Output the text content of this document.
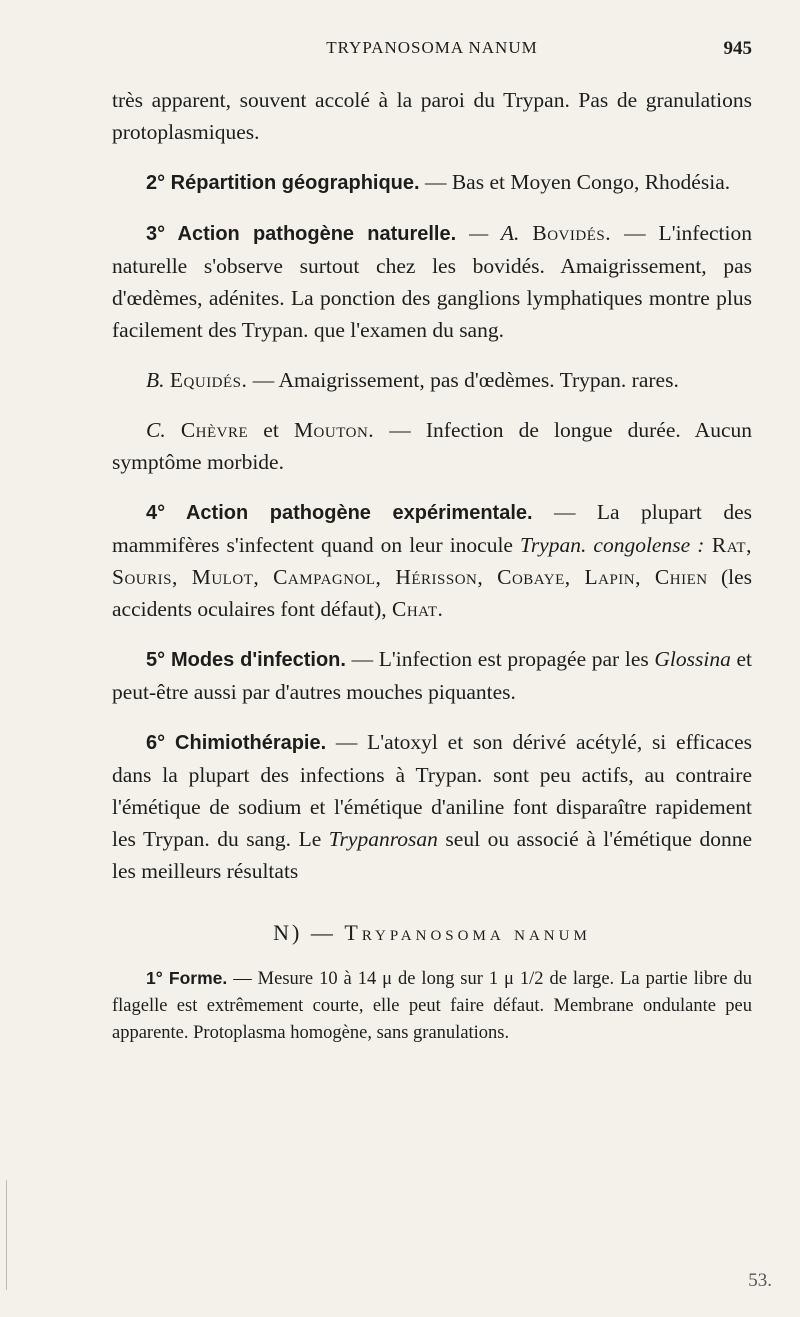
TRYPANOSOMA NANUM	945

très apparent, souvent accolé à la paroi du Trypan. Pas de granulations protoplasmiques.

2° Répartition géographique. — Bas et Moyen Congo, Rhodésia.

3° Action pathogène naturelle. — A. Bovidés. — L'infection naturelle s'observe surtout chez les bovidés. Amaigrissement, pas d'œdèmes, adénites. La ponction des ganglions lymphatiques montre plus facilement des Trypan. que l'examen du sang.

B. Equidés. — Amaigrissement, pas d'œdèmes. Trypan. rares.

C. Chèvre et Mouton. — Infection de longue durée. Aucun symptôme morbide.

4° Action pathogène expérimentale. — La plupart des mammifères s'infectent quand on leur inocule Trypan. congolense : Rat, Souris, Mulot, Campagnol, Hérisson, Cobaye, Lapin, Chien (les accidents oculaires font défaut), Chat.

5° Modes d'infection. — L'infection est propagée par les Glossina et peut-être aussi par d'autres mouches piquantes.

6° Chimiothérapie. — L'atoxyl et son dérivé acétylé, si efficaces dans la plupart des infections à Trypan. sont peu actifs, au contraire l'émétique de sodium et l'émétique d'aniline font disparaître rapidement les Trypan. du sang. Le Trypanrosan seul ou associé à l'émétique donne les meilleurs résultats

N) — Trypanosoma nanum

1° Forme. — Mesure 10 à 14 μ de long sur 1 μ 1/2 de large. La partie libre du flagelle est extrêmement courte, elle peut faire défaut. Membrane ondulante peu apparente. Protoplasma homogène, sans granulations.

53.
